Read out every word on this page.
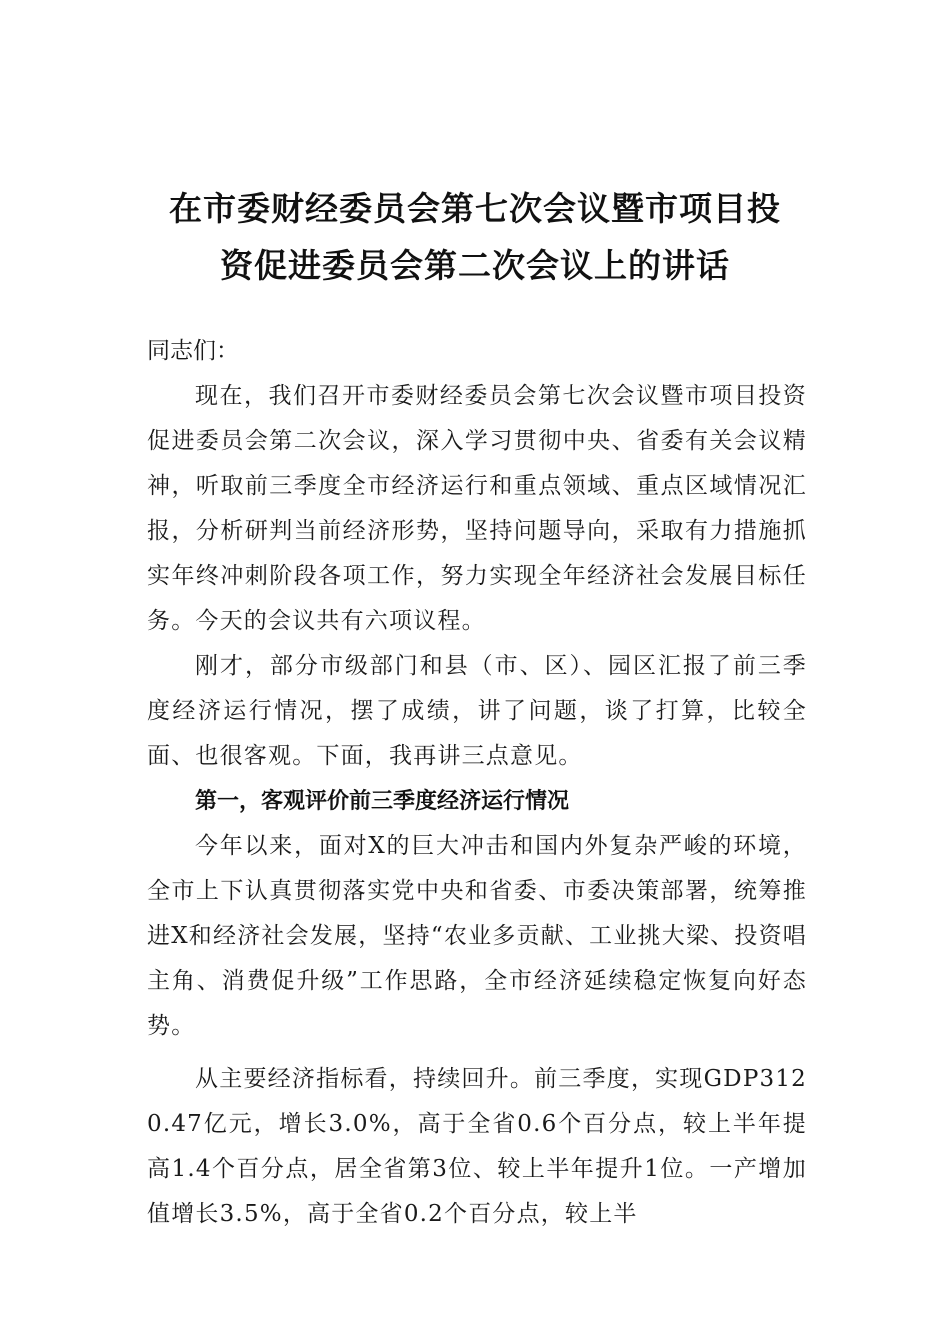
在市委财经委员会第七次会议暨市项目投
资促进委员会第二次会议上的讲话

同志们：

现在，我们召开市委财经委员会第七次会议暨市项目投资促进委员会第二次会议，深入学习贯彻中央、省委有关会议精神，听取前三季度全市经济运行和重点领域、重点区域情况汇报，分析研判当前经济形势，坚持问题导向，采取有力措施抓实年终冲刺阶段各项工作，努力实现全年经济社会发展目标任务。今天的会议共有六项议程。

刚才，部分市级部门和县（市、区）、园区汇报了前三季度经济运行情况，摆了成绩，讲了问题，谈了打算，比较全面、也很客观。下面，我再讲三点意见。

第一，客观评价前三季度经济运行情况

今年以来，面对X的巨大冲击和国内外复杂严峻的环境，全市上下认真贯彻落实党中央和省委、市委决策部署，统筹推进X和经济社会发展，坚持“农业多贡献、工业挑大梁、投资唱主角、消费促升级”工作思路，全市经济延续稳定恢复向好态势。

从主要经济指标看，持续回升。前三季度，实现GDP3120.47亿元，增长3.0%，高于全省0.6个百分点，较上半年提高1.4个百分点，居全省第3位、较上半年提升1位。一产增加值增长3.5%，高于全省0.2个百分点，较上半
